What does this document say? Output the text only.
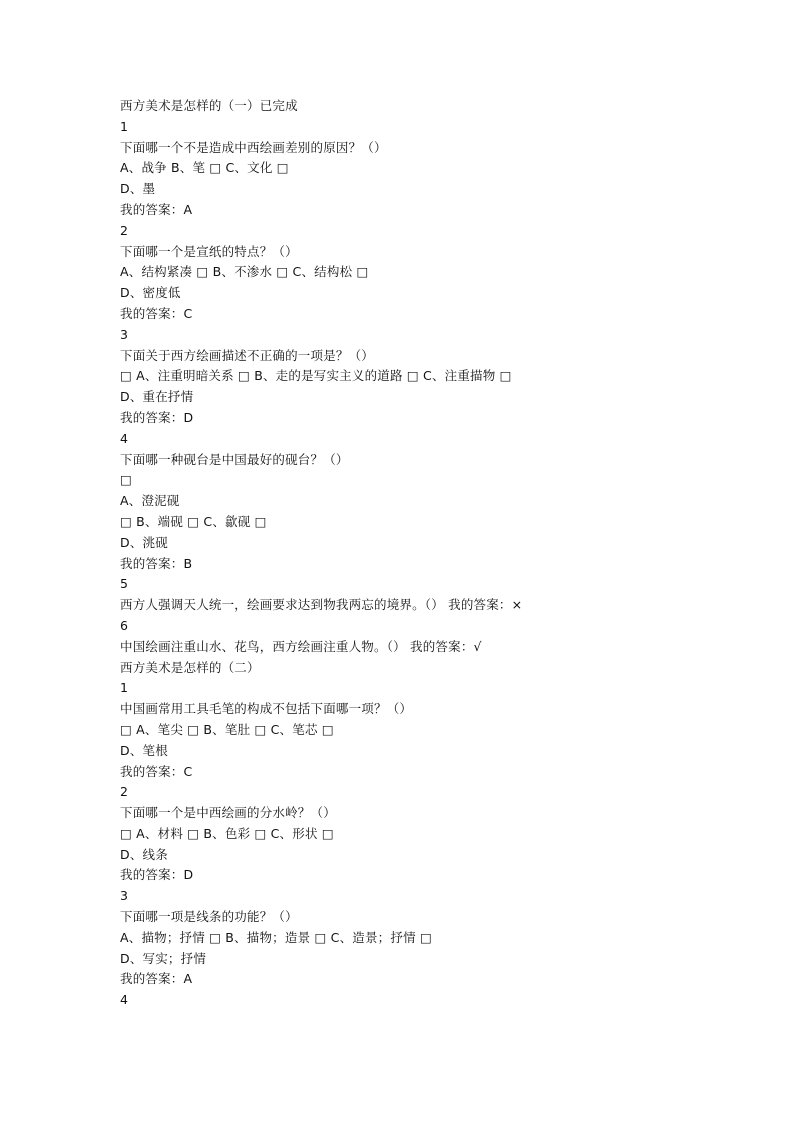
西方美术是怎样的（一）已完成
1
下面哪一个不是造成中西绘画差别的原因？（）
A、战争 B、笔 □ C、文化 □
D、墨
我的答案：A
2
下面哪一个是宣纸的特点？（）
A、结构紧凑 □ B、不渗水 □ C、结构松 □
D、密度低
我的答案：C
3
下面关于西方绘画描述不正确的一项是？（）
□ A、注重明暗关系 □ B、走的是写实主义的道路 □ C、注重描物 □
D、重在抒情
我的答案：D
4
下面哪一种砚台是中国最好的砚台？（）
□
A、澄泥砚
□ B、端砚 □ C、歙砚 □
D、洮砚
我的答案：B
5
西方人强调天人统一，绘画要求达到物我两忘的境界。（） 我的答案：×
6
中国绘画注重山水、花鸟，西方绘画注重人物。（） 我的答案：√
西方美术是怎样的（二）
1
中国画常用工具毛笔的构成不包括下面哪一项？（）
□ A、笔尖 □ B、笔肚 □ C、笔芯 □
D、笔根
我的答案：C
2
下面哪一个是中西绘画的分水岭？（）
□ A、材料 □ B、色彩 □ C、形状 □
D、线条
我的答案：D
3
下面哪一项是线条的功能？（）
A、描物；抒情 □ B、描物；造景 □ C、造景；抒情 □
D、写实；抒情
我的答案：A
4
